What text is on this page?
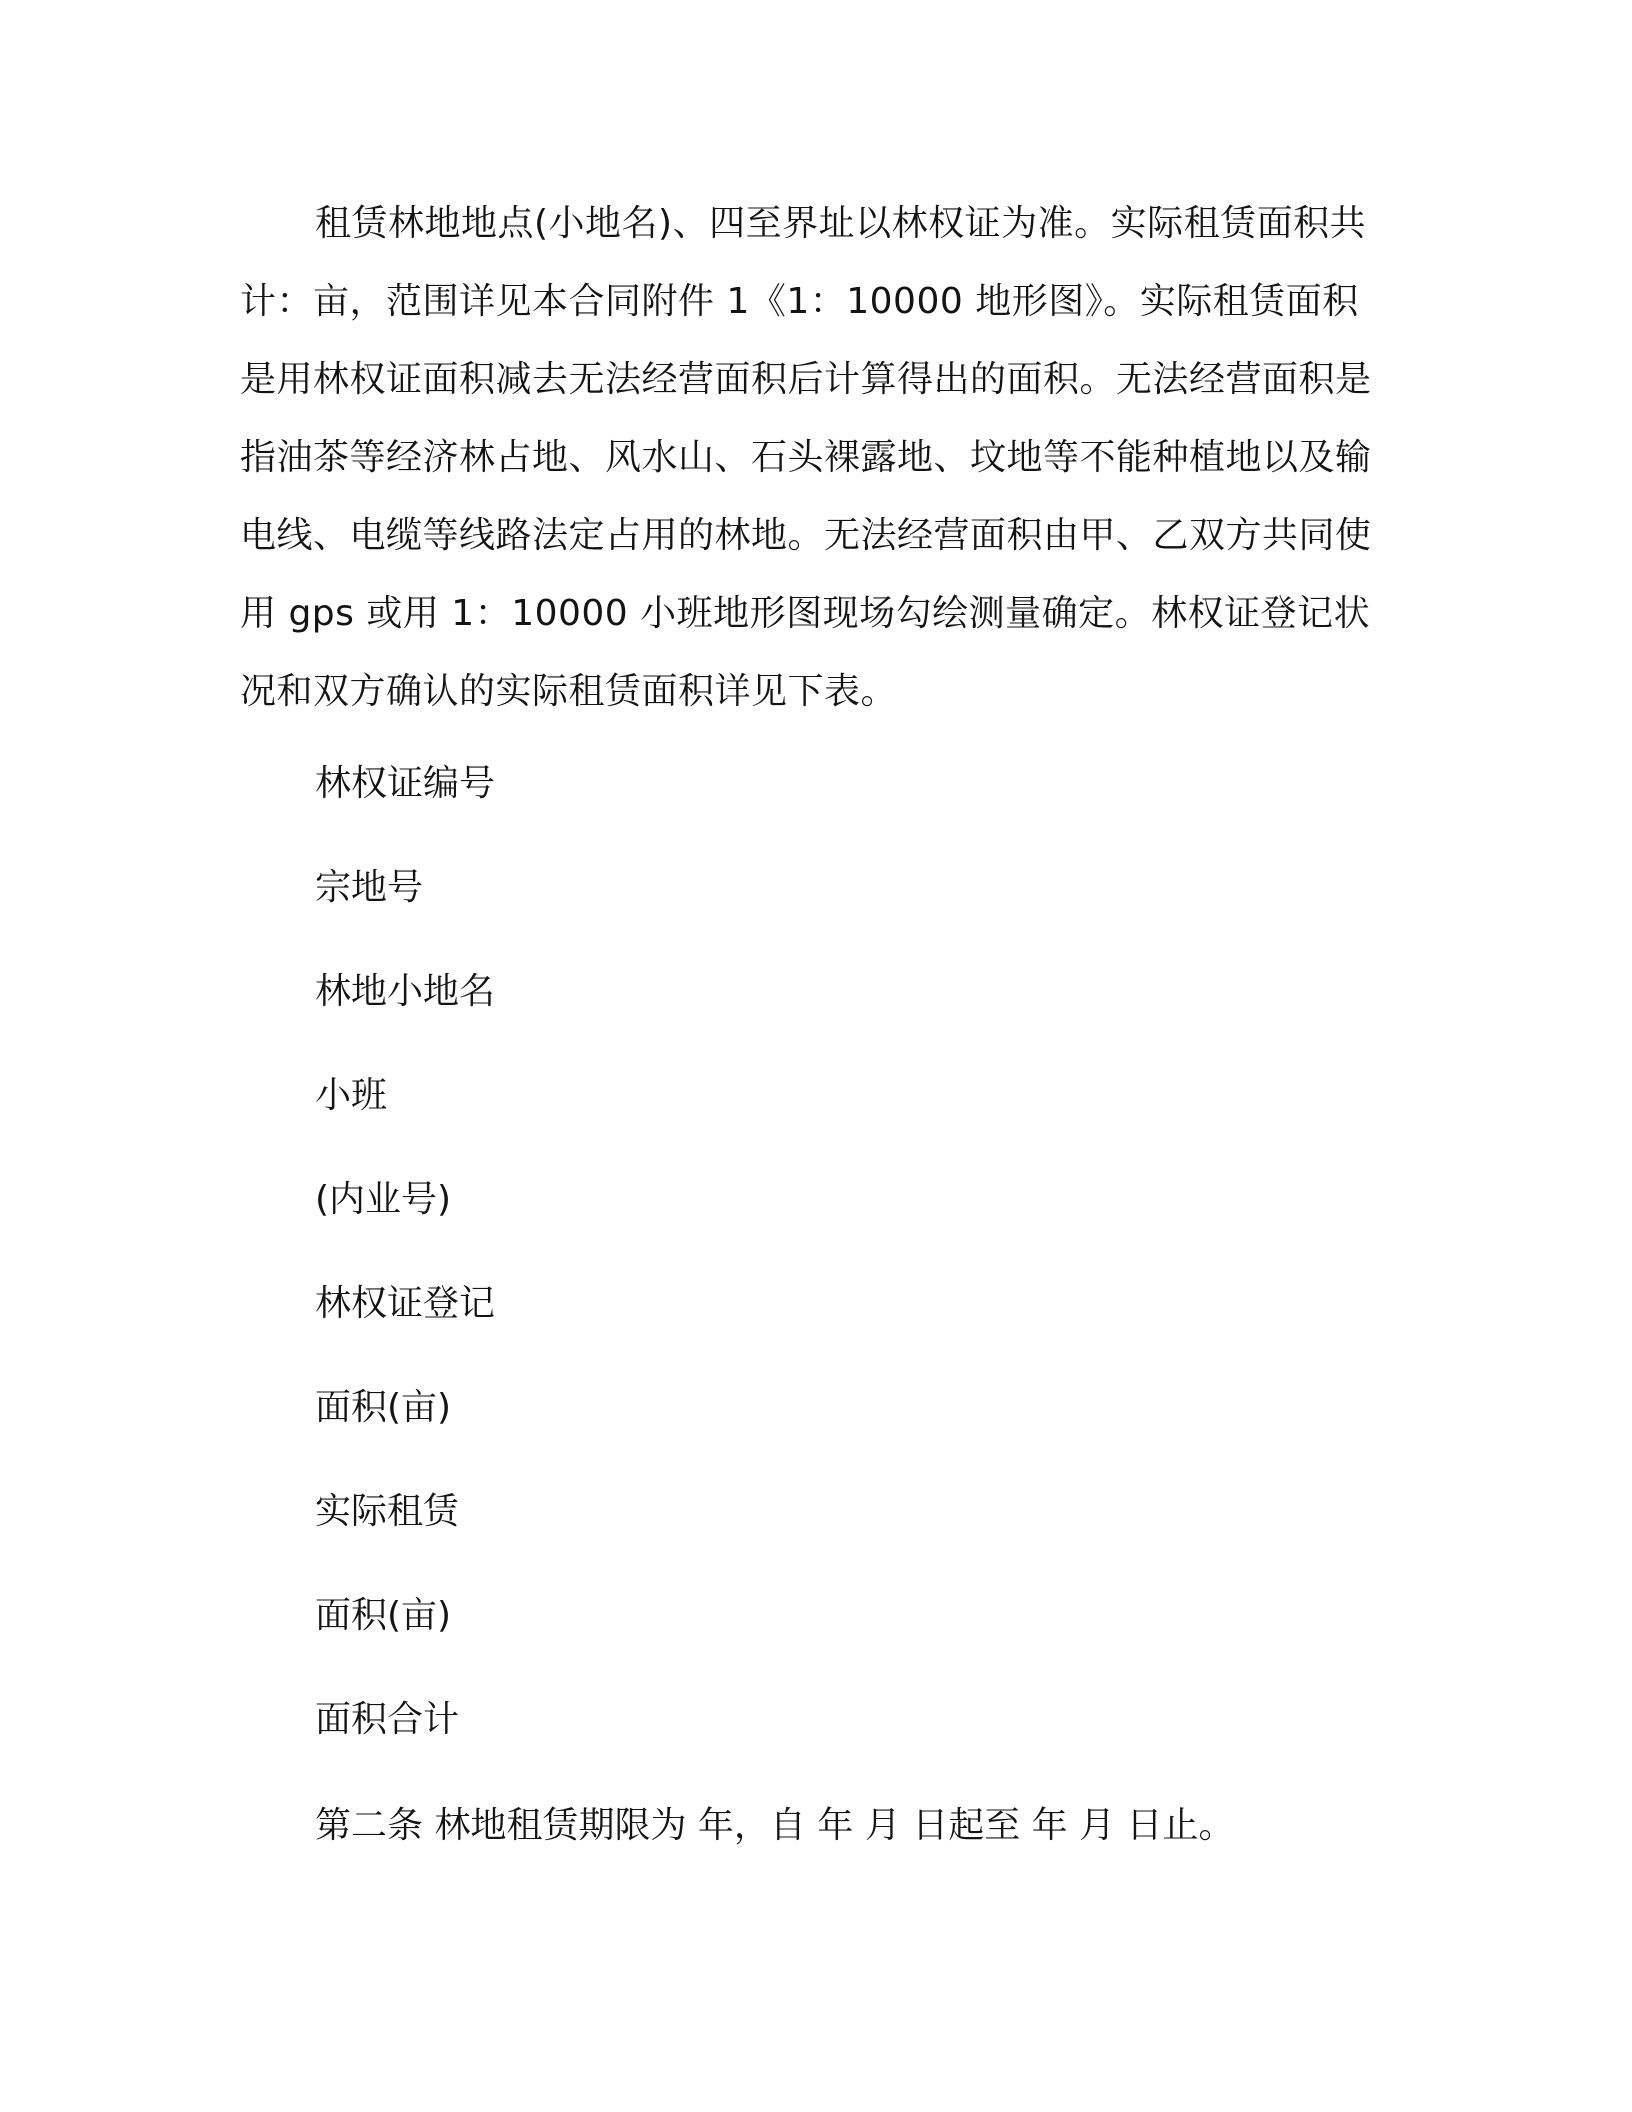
租赁林地地点(小地名)、四至界址以林权证为准。实际租赁面积共计：亩，范围详见本合同附件 1《1：10000 地形图》。实际租赁面积是用林权证面积减去无法经营面积后计算得出的面积。无法经营面积是指油茶等经济林占地、风水山、石头裸露地、坟地等不能种植地以及输电线、电缆等线路法定占用的林地。无法经营面积由甲、乙双方共同使用 gps 或用 1：10000 小班地形图现场勾绘测量确定。林权证登记状况和双方确认的实际租赁面积详见下表。

林权证编号
宗地号
林地小地名
小班
(内业号)
林权证登记
面积(亩)
实际租赁
面积(亩)
面积合计

第二条 林地租赁期限为 年，自 年 月 日起至 年 月 日止。
